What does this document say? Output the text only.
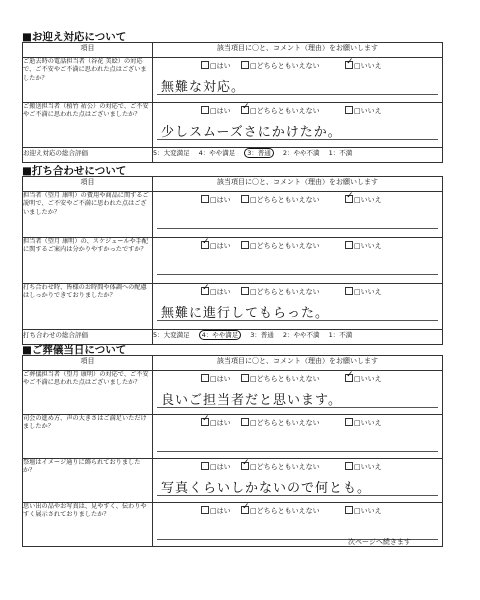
■お迎え対応について
項目	該当項目に〇と、コメント（理由）をお願いします
ご逝去時の電話担当者（谷花 美絵）の対応で、ご不安やご不満に思われた点はございましたか？	□はい □どちらともいえない ✓ □いいえ
無難な対応。

ご搬送担当者（植竹 祐公）の対応で、ご不安やご不満に思われた点はございましたか？	□はい ✓ □どちらともいえない □いいえ
少しスムーズさにかけたか。

お迎え対応の総合評価	5：大変満足 4：やや満足 3：普通 2：やや不満 1：不満
■打ち合わせについて
項目	該当項目に〇と、コメント（理由）をお願いします
担当者（望月 康明）の費用や商品に関するご説明で、ご不安やご不満に思われた点はございましたか？	□はい □どちらともいえない ✓ □いいえ

担当者（望月 康明）の、スケジュールや手配に関するご案内は分かりやすかったですか？	
✓□はい □どちらともいえない □いいえ

打ち合わせ時、皆様のお時間や体調への配慮はしっかりできておりましたか？	
✓□はい □どちらともいえない □いいえ
無難に進行してもらった。

打ち合わせの総合評価	5：大変満足 4：やや満足 3：普通 2：やや不満 1：不満
■ご葬儀当日について
項目	該当項目に〇と、コメント（理由）をお願いします
ご葬儀担当者（望月 康明）の対応で、ご不安やご不満に思われた点はございましたか？	□はい □どちらともいえない ✓ □いいえ
良いご担当者だと思います。

司会の進め方、声の大きさはご満足いただけましたか？	
✓□はい □どちらともいえない □いいえ

祭壇はイメージ通りに飾られておりましたか？	□はい ✓ □どちらともいえない □いいえ
写真くらいしかないので何とも。

思い出の品やお写真は、見やすく、伝わりやすく展示されておりましたか？	□はい ✓ □どちらともいえない □いいえ
次ページへ続きます
